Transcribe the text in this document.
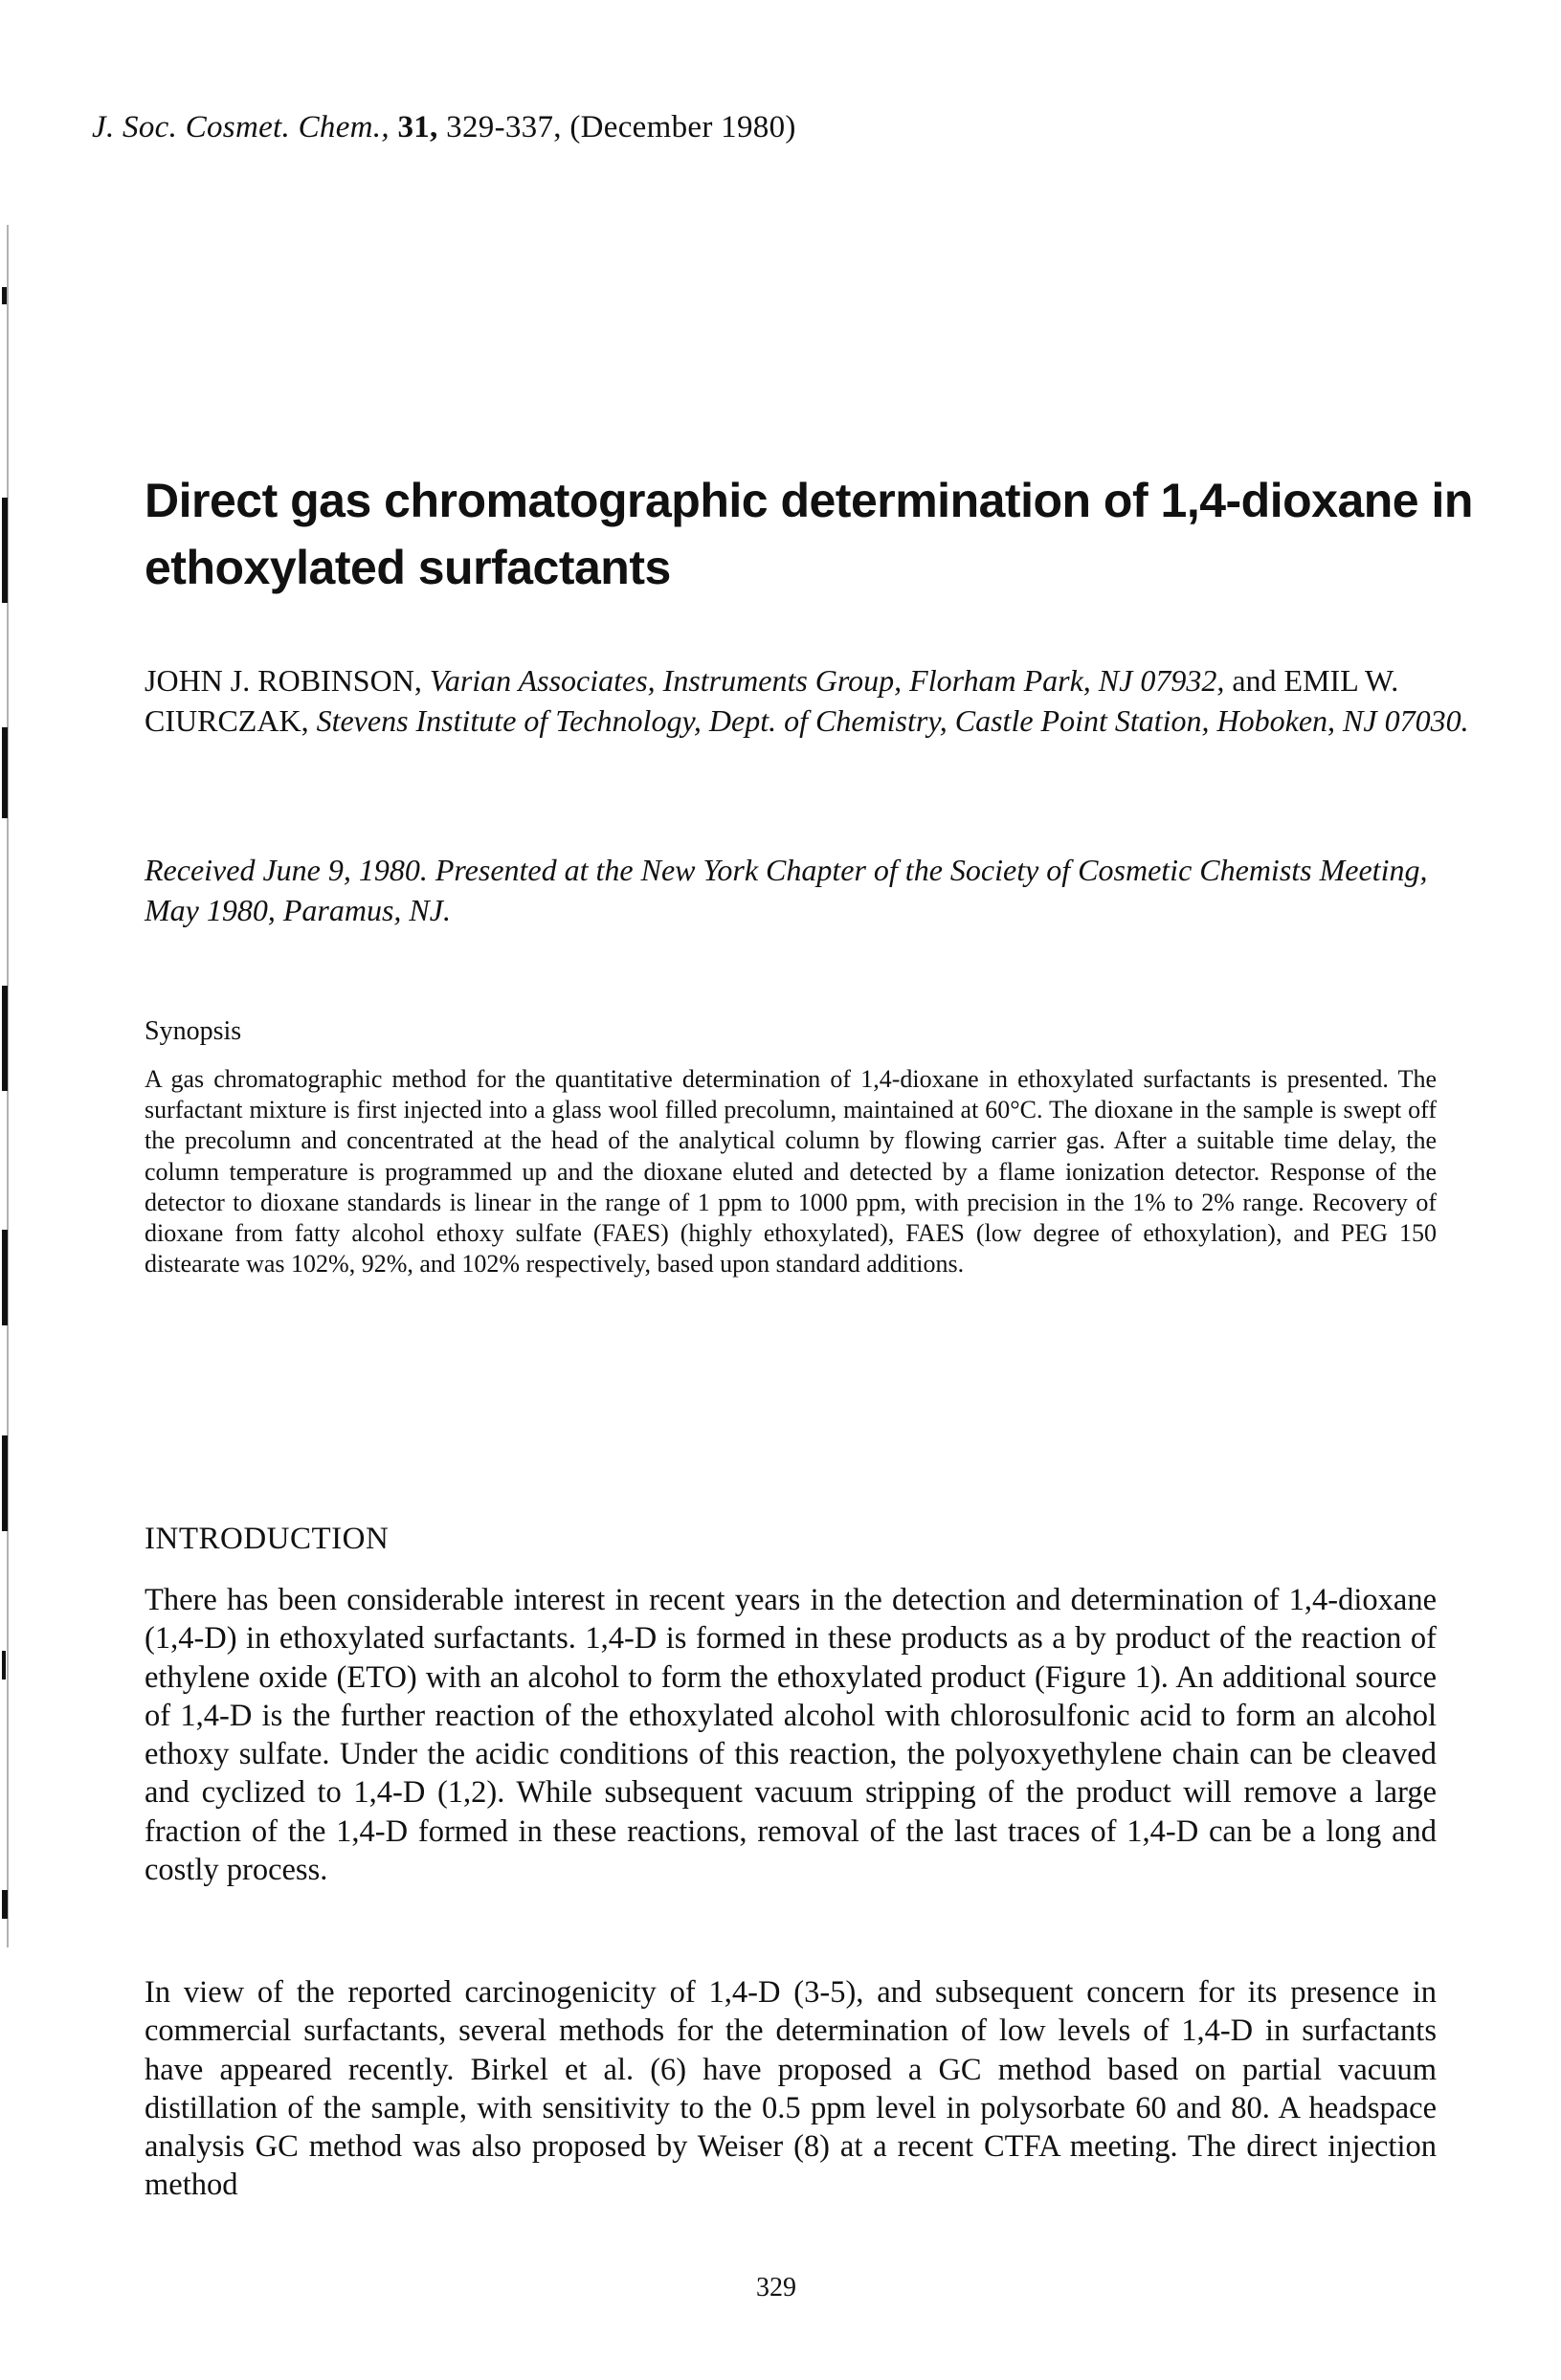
J. Soc. Cosmet. Chem., 31, 329-337, (December 1980)
Direct gas chromatographic determination of 1,4-dioxane in ethoxylated surfactants
JOHN J. ROBINSON, Varian Associates, Instruments Group, Florham Park, NJ 07932, and EMIL W. CIURCZAK, Stevens Institute of Technology, Dept. of Chemistry, Castle Point Station, Hoboken, NJ 07030.
Received June 9, 1980. Presented at the New York Chapter of the Society of Cosmetic Chemists Meeting, May 1980, Paramus, NJ.
Synopsis

A gas chromatographic method for the quantitative determination of 1,4-dioxane in ethoxylated surfactants is presented. The surfactant mixture is first injected into a glass wool filled precolumn, maintained at 60°C. The dioxane in the sample is swept off the precolumn and concentrated at the head of the analytical column by flowing carrier gas. After a suitable time delay, the column temperature is programmed up and the dioxane eluted and detected by a flame ionization detector. Response of the detector to dioxane standards is linear in the range of 1 ppm to 1000 ppm, with precision in the 1% to 2% range. Recovery of dioxane from fatty alcohol ethoxy sulfate (FAES) (highly ethoxylated), FAES (low degree of ethoxylation), and PEG 150 distearate was 102%, 92%, and 102% respectively, based upon standard additions.

INTRODUCTION

There has been considerable interest in recent years in the detection and determination of 1,4-dioxane (1,4-D) in ethoxylated surfactants. 1,4-D is formed in these products as a by product of the reaction of ethylene oxide (ETO) with an alcohol to form the ethoxylated product (Figure 1). An additional source of 1,4-D is the further reaction of the ethoxylated alcohol with chlorosulfonic acid to form an alcohol ethoxy sulfate. Under the acidic conditions of this reaction, the polyoxyethylene chain can be cleaved and cyclized to 1,4-D (1,2). While subsequent vacuum stripping of the product will remove a large fraction of the 1,4-D formed in these reactions, removal of the last traces of 1,4-D can be a long and costly process.

In view of the reported carcinogenicity of 1,4-D (3-5), and subsequent concern for its presence in commercial surfactants, several methods for the determination of low levels of 1,4-D in surfactants have appeared recently. Birkel et al. (6) have proposed a GC method based on partial vacuum distillation of the sample, with sensitivity to the 0.5 ppm level in polysorbate 60 and 80. A headspace analysis GC method was also proposed by Weiser (8) at a recent CTFA meeting. The direct injection method

329
